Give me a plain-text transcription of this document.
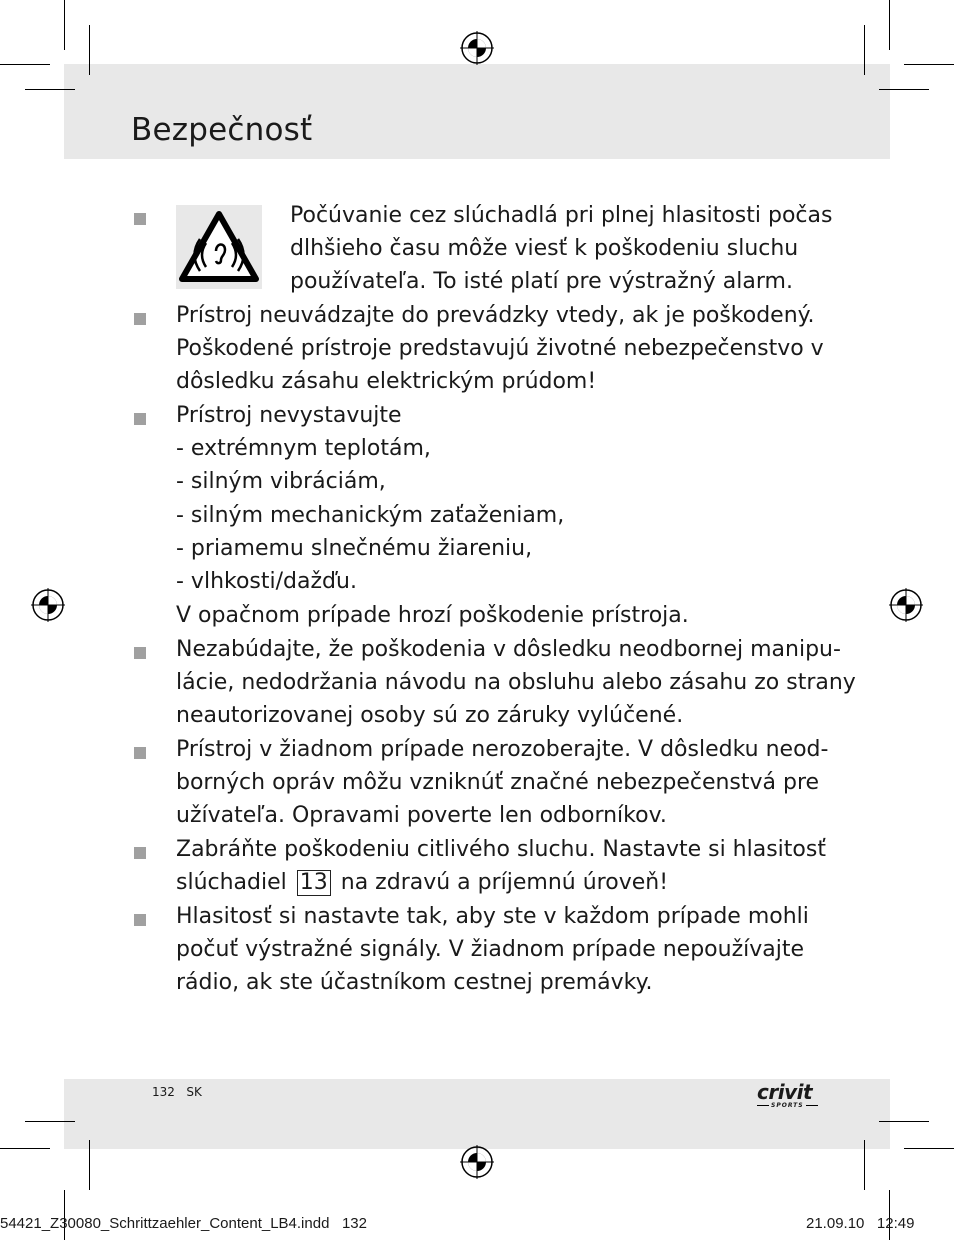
Bezpečnosť
Počúvanie cez slúchadlá pri plnej hlasitosti počas
dlhšieho času môže viesť k poškodeniu sluchu
používateľa. To isté platí pre výstražný alarm.
Prístroj neuvádzajte do prevádzky vtedy, ak je poškodený.
Poškodené prístroje predstavujú životné nebezpečenstvo v
dôsledku zásahu elektrickým prúdom!
Prístroj nevystavujte
- extrémnym teplotám,
- silným vibráciám,
- silným mechanickým zaťaženiam,
- priamemu slnečnému žiareniu,
- vlhkosti/dažďu.
V opačnom prípade hrozí poškodenie prístroja.
Nezabúdajte, že poškodenia v dôsledku neodbornej manipu-
lácie, nedodržania návodu na obsluhu alebo zásahu zo strany
neautorizovanej osoby sú zo záruky vylúčené.
Prístroj v žiadnom prípade nerozoberajte. V dôsledku neod-
borných opráv môžu vzniknúť značné nebezpečenstvá pre
užívateľa. Opravami poverte len odborníkov.
Zabráňte poškodeniu citlivého sluchu. Nastavte si hlasitosť
slúchadiel 13 na zdravú a príjemnú úroveň!
Hlasitosť si nastavte tak, aby ste v každom prípade mohli
počuť výstražné signály. V žiadnom prípade nepoužívajte
rádio, ak ste účastníkom cestnej premávky.
132 SK	crivit
SPORTS
54421_Z30080_Schrittzaehler_Content_LB4.indd 132	21.09.10 12:49
